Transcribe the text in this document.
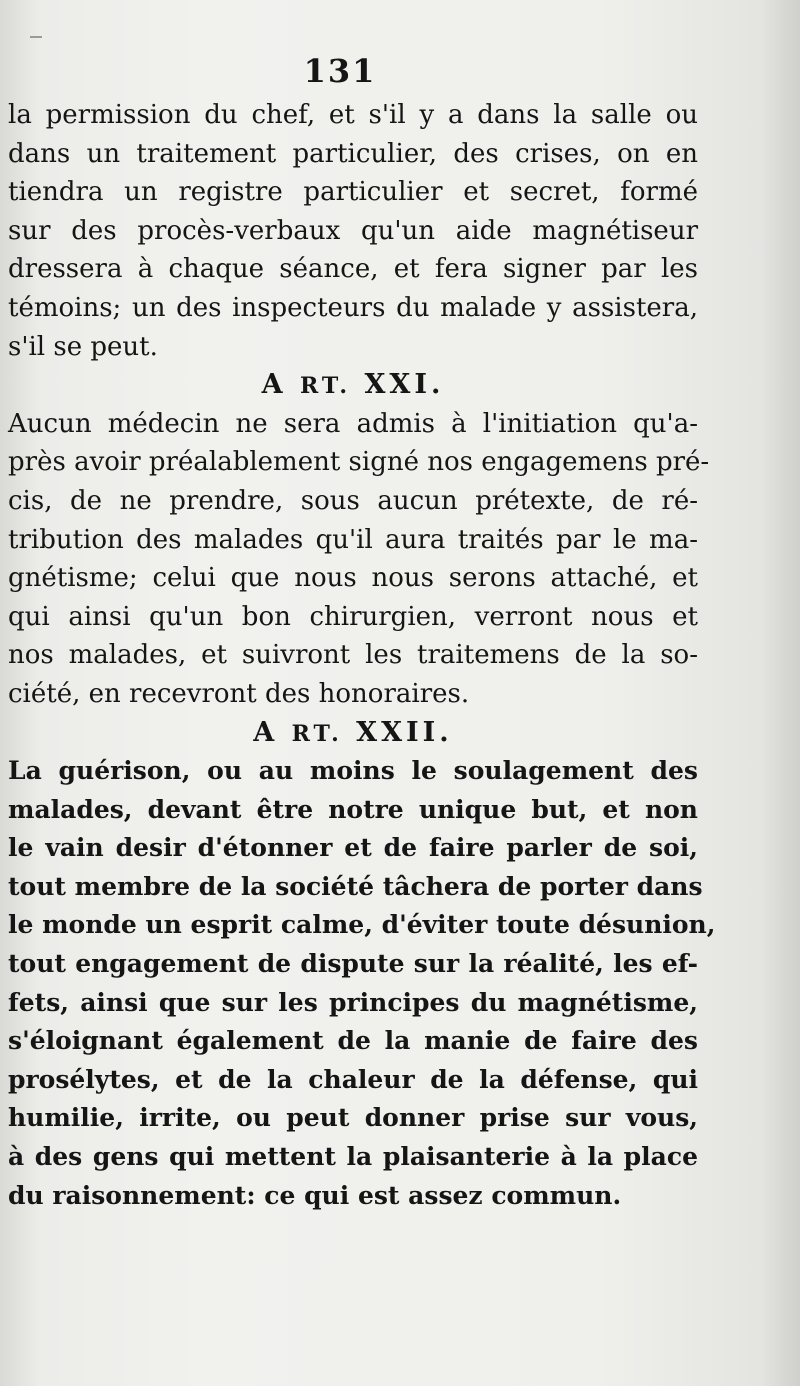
131
la permission du chef, et s'il y a dans la salle ou
dans un traitement particulier, des crises, on en
tiendra un registre particulier et secret, formé
sur des procès-verbaux qu'un aide magnétiseur
dressera à chaque séance, et fera signer par les
témoins; un des inspecteurs du malade y assistera,
s'il se peut.
A RT. XXI.
Aucun médecin ne sera admis à l'initiation qu'a-
près avoir préalablement signé nos engagemens pré-
cis, de ne prendre, sous aucun prétexte, de ré-
tribution des malades qu'il aura traités par le ma-
gnétisme; celui que nous nous serons attaché, et
qui ainsi qu'un bon chirurgien, verront nous et
nos malades, et suivront les traitemens de la so-
ciété, en recevront des honoraires.
A RT. XXII.
La guérison, ou au moins le soulagement des
malades, devant être notre unique but, et non
le vain desir d'étonner et de faire parler de soi,
tout membre de la société tâchera de porter dans
le monde un esprit calme, d'éviter toute désunion,
tout engagement de dispute sur la réalité, les ef-
fets, ainsi que sur les principes du magnétisme,
s'éloignant également de la manie de faire des
prosélytes, et de la chaleur de la défense, qui
humilie, irrite, ou peut donner prise sur vous,
à des gens qui mettent la plaisanterie à la place
du raisonnement: ce qui est assez commun.
